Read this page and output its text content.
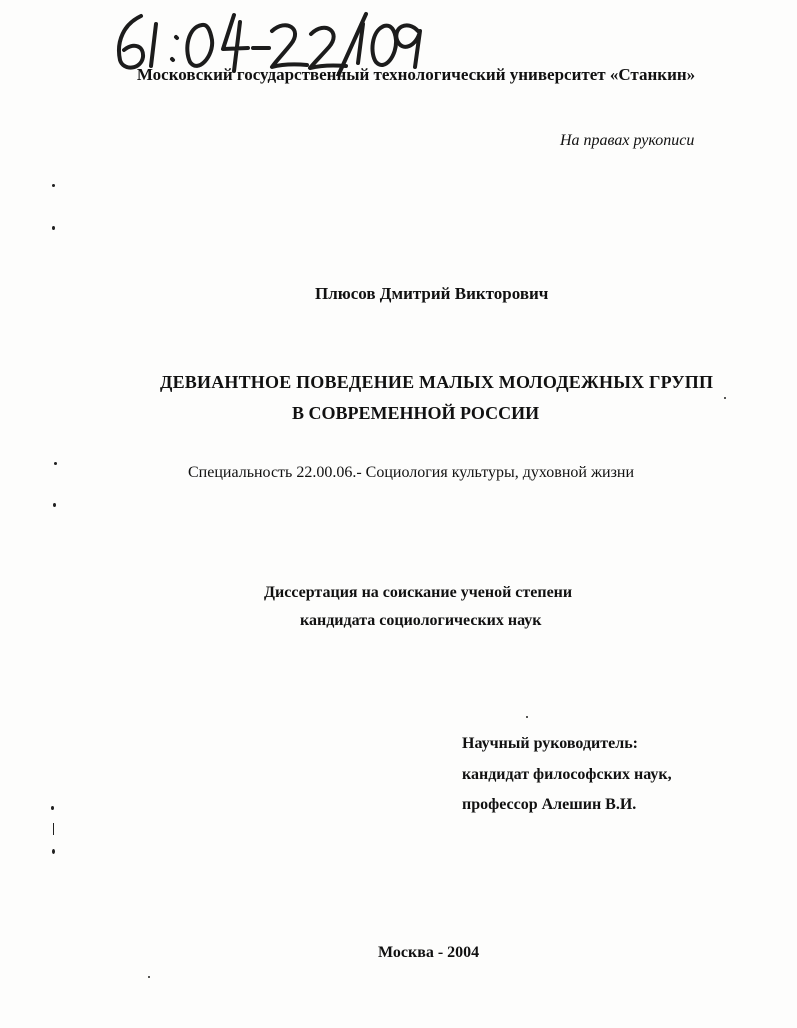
Московский государственный технологический университет «Станкин»
На правах рукописи
Плюсов Дмитрий Викторович
ДЕВИАНТНОЕ ПОВЕДЕНИЕ МАЛЫХ МОЛОДЕЖНЫХ ГРУПП
В СОВРЕМЕННОЙ РОССИИ
Специальность 22.00.06.- Социология культуры, духовной жизни
Диссертация на соискание ученой степени
кандидата социологических наук
Научный руководитель:
кандидат философских наук,
профессор Алешин В.И.
Москва - 2004
